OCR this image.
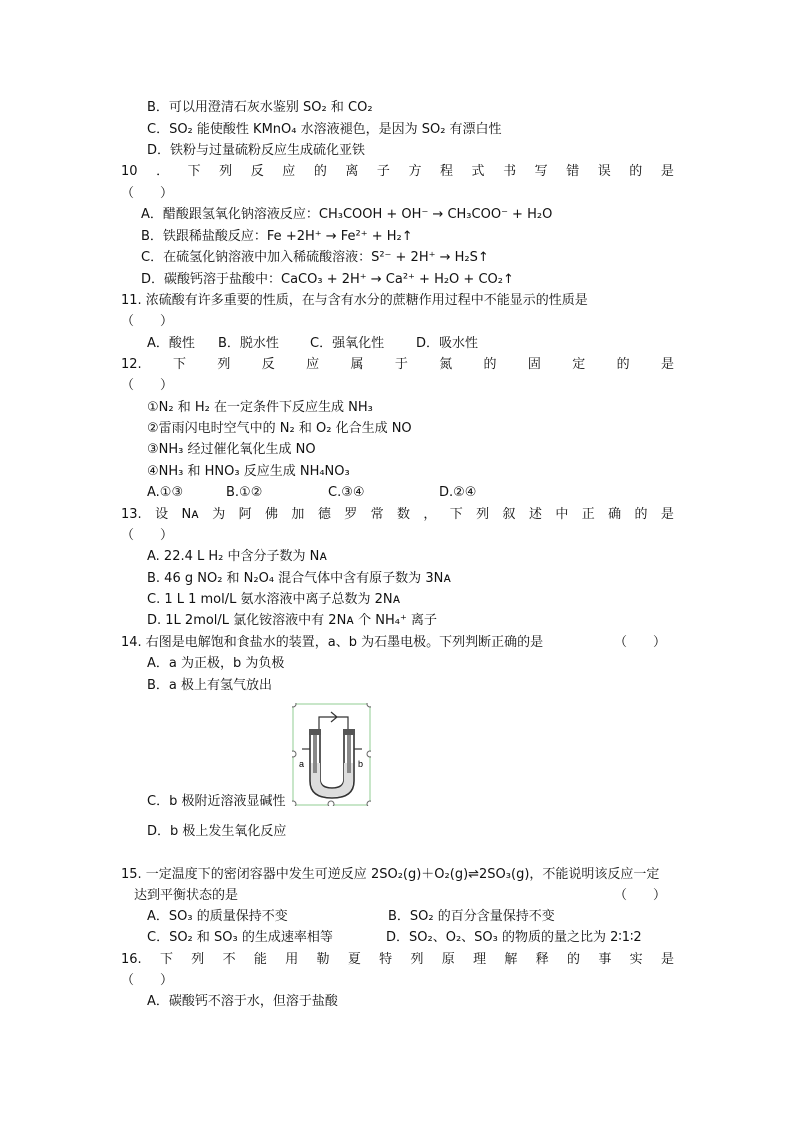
B．可以用澄清石灰水鉴别 SO₂ 和 CO₂
C．SO₂ 能使酸性 KMnO₄ 水溶液褪色，是因为 SO₂ 有漂白性
D．铁粉与过量硫粉反应生成硫化亚铁
10 ． 下 列 反 应 的 离 子 方 程 式 书 写 错 误 的 是
（　　）
A．醋酸跟氢氧化钠溶液反应：CH₃COOH + OH⁻ → CH₃COO⁻ + H₂O
B．铁跟稀盐酸反应：Fe +2H⁺ → Fe²⁺ + H₂↑
C．在硫氢化钠溶液中加入稀硫酸溶液：S²⁻ + 2H⁺ → H₂S↑
D．碳酸钙溶于盐酸中：CaCO₃ + 2H⁺ → Ca²⁺ + H₂O + CO₂↑
11. 浓硫酸有许多重要的性质，在与含有水分的蔗糖作用过程中不能显示的性质是
（　　）
A．酸性 B．脱水性 C．强氧化性 D．吸水性
12. 下 列 反 应 属 于 氮 的 固 定 的 是
（　　）
①N₂ 和 H₂ 在一定条件下反应生成 NH₃
②雷雨闪电时空气中的 N₂ 和 O₂ 化合生成 NO
③NH₃ 经过催化氧化生成 NO
④NH₃ 和 HNO₃ 反应生成 NH₄NO₃
A.①③	B.①②	C.③④	D.②④
13. 设 Nᴀ 为 阿 佛 加 德 罗 常 数 ， 下 列 叙 述 中 正 确 的 是
（　　）
A. 22.4 L H₂ 中含分子数为 Nᴀ
B. 46 g NO₂ 和 N₂O₄ 混合气体中含有原子数为 3Nᴀ
C. 1 L 1 mol/L 氨水溶液中离子总数为 2Nᴀ
D. 1L 2mol/L 氯化铵溶液中有 2Nᴀ 个 NH₄⁺ 离子
14. 右图是电解饱和食盐水的装置，a、b 为石墨电极。下列判断正确的是	（　　）
A．a 为正极，b 为负极
B．a 极上有氢气放出
a	b
C．b 极附近溶液显碱性
D．b 极上发生氧化反应
15. 一定温度下的密闭容器中发生可逆反应 2SO₂(g)＋O₂(g)⇌2SO₃(g)，不能说明该反应一定
达到平衡状态的是	（　　）
A．SO₃ 的质量保持不变	B．SO₂ 的百分含量保持不变
C．SO₂ 和 SO₃ 的生成速率相等	D．SO₂、O₂、SO₃ 的物质的量之比为 2∶1∶2
16. 下 列 不 能 用 勒 夏 特 列 原 理 解 释 的 事 实 是
（　　）
A．碳酸钙不溶于水，但溶于盐酸
